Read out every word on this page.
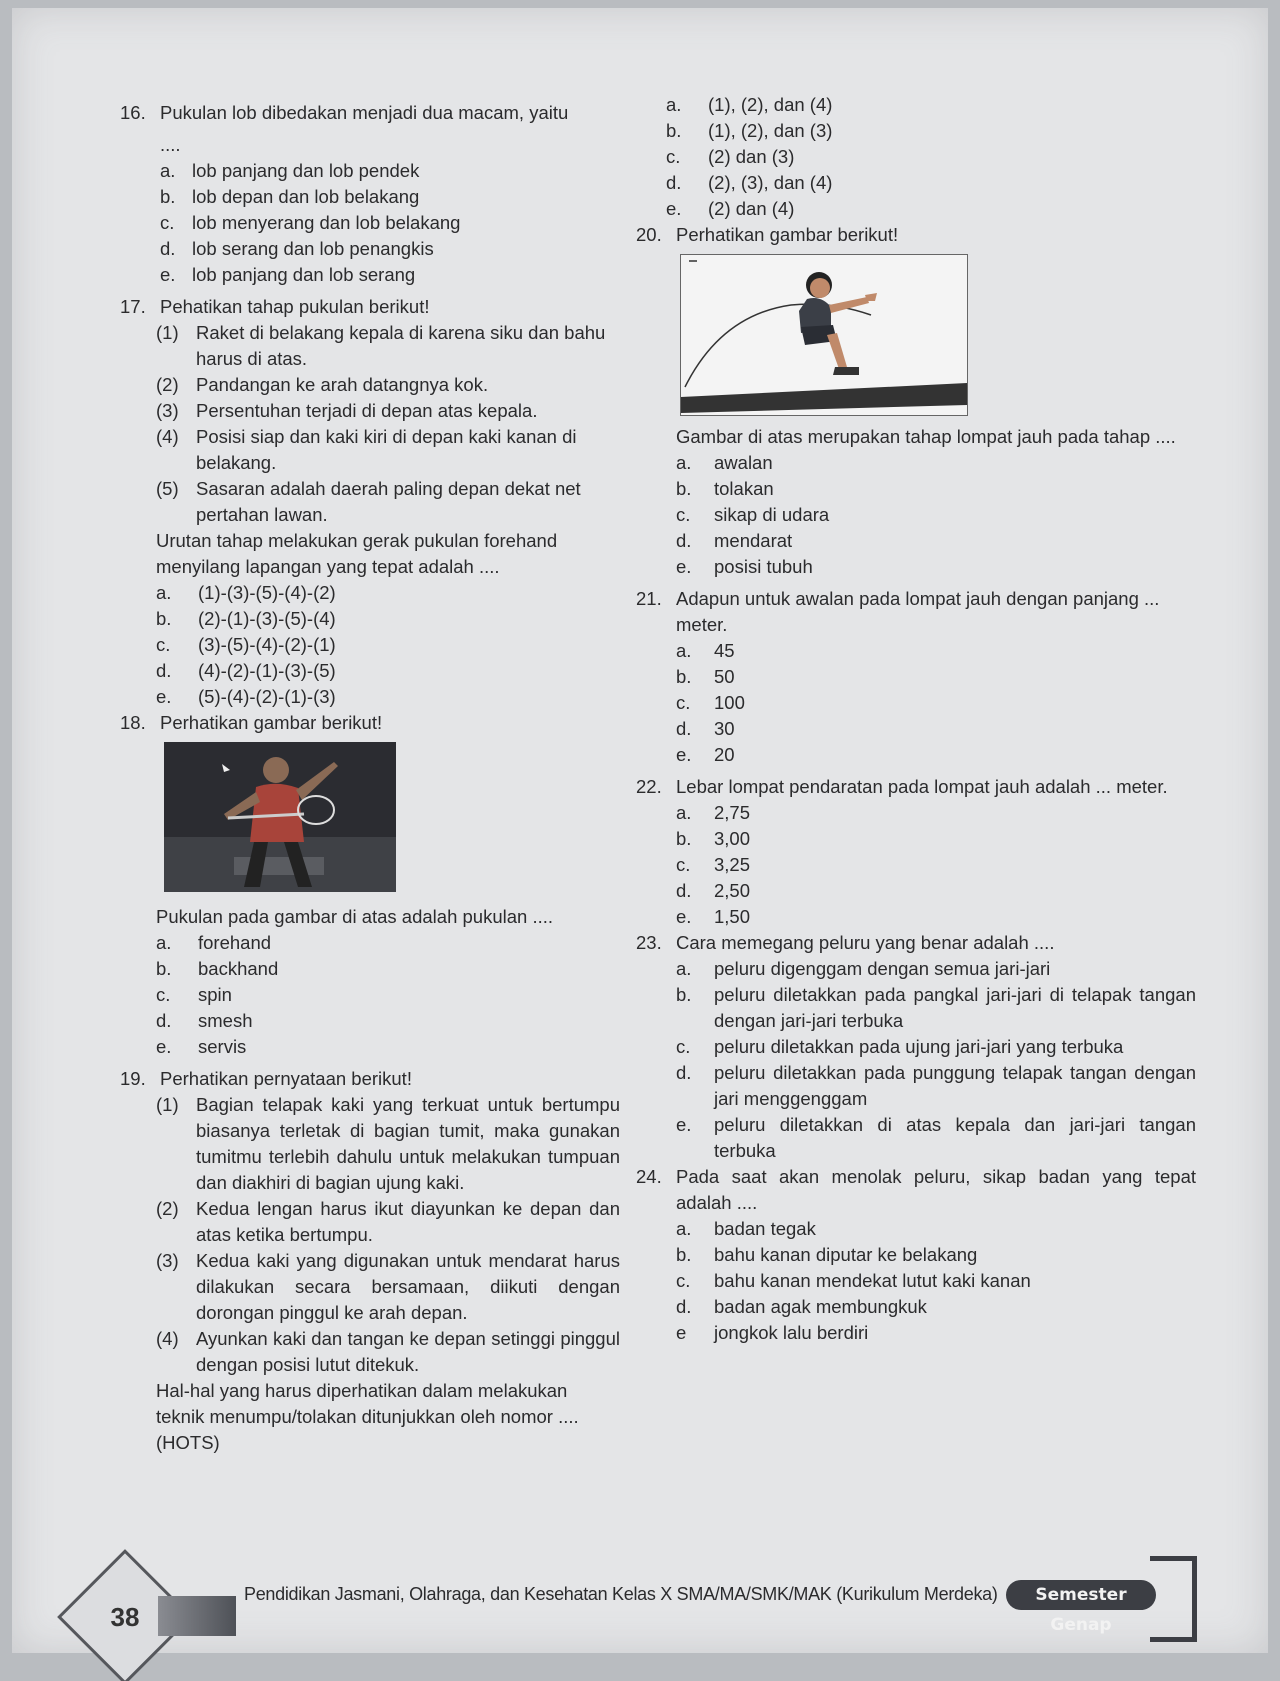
16. Pukulan lob dibedakan menjadi dua macam, yaitu
....
a. lob panjang dan lob pendek
b. lob depan dan lob belakang
c. lob menyerang dan lob belakang
d. lob serang dan lob penangkis
e. lob panjang dan lob serang
17. Pehatikan tahap pukulan berikut!
(1) Raket di belakang kepala di karena siku dan bahu harus di atas.
(2) Pandangan ke arah datangnya kok.
(3) Persentuhan terjadi di depan atas kepala.
(4) Posisi siap dan kaki kiri di depan kaki kanan di belakang.
(5) Sasaran adalah daerah paling depan dekat net pertahan lawan.
Urutan tahap melakukan gerak pukulan forehand menyilang lapangan yang tepat adalah ....
a.	(1)-(3)-(5)-(4)-(2)
b.	(2)-(1)-(3)-(5)-(4)
c.	(3)-(5)-(4)-(2)-(1)
d.	(4)-(2)-(1)-(3)-(5)
e.	(5)-(4)-(2)-(1)-(3)
18. Perhatikan gambar berikut!
Pukulan pada gambar di atas adalah pukulan ....
a.	forehand
b.	backhand
c.	spin
d.	smesh
e.	servis
19. Perhatikan pernyataan berikut!
(1) Bagian telapak kaki yang terkuat untuk bertumpu biasanya terletak di bagian tumit, maka gunakan tumitmu terlebih dahulu untuk melakukan tumpuan dan diakhiri di bagian ujung kaki.
(2) Kedua lengan harus ikut diayunkan ke depan dan atas ketika bertumpu.
(3) Kedua kaki yang digunakan untuk mendarat harus dilakukan secara bersamaan, diikuti dengan dorongan pinggul ke arah depan.
(4) Ayunkan kaki dan tangan ke depan setinggi pinggul dengan posisi lutut ditekuk.
Hal-hal yang harus diperhatikan dalam melakukan teknik menumpu/tolakan ditunjukkan oleh nomor .... (HOTS)
a.	(1), (2), dan (4)
b.	(1), (2), dan (3)
c.	(2) dan (3)
d.	(2), (3), dan (4)
e.	(2) dan (4)
20. Perhatikan gambar berikut!
Gambar di atas merupakan tahap lompat jauh pada tahap ....
a.	awalan
b.	tolakan
c.	sikap di udara
d.	mendarat
e.	posisi tubuh
21. Adapun untuk awalan pada lompat jauh dengan panjang ... meter.
a.	45
b.	50
c.	100
d.	30
e.	20
22. Lebar lompat pendaratan pada lompat jauh adalah ... meter.
a.	2,75
b.	3,00
c.	3,25
d.	2,50
e.	1,50
23. Cara memegang peluru yang benar adalah ....
a.	peluru digenggam dengan semua jari-jari
b.	peluru diletakkan pada pangkal jari-jari di telapak tangan dengan jari-jari terbuka
c.	peluru diletakkan pada ujung jari-jari yang terbuka
d.	peluru diletakkan pada punggung telapak tangan dengan jari menggenggam
e.	peluru diletakkan di atas kepala dan jari-jari tangan terbuka
24. Pada saat akan menolak peluru, sikap badan yang tepat adalah ....
a.	badan tegak
b.	bahu kanan diputar ke belakang
c.	bahu kanan mendekat lutut kaki kanan
d.	badan agak membungkuk
e	jongkok lalu berdiri
38
Pendidikan Jasmani, Olahraga, dan Kesehatan Kelas X SMA/MA/SMK/MAK (Kurikulum Merdeka)	Semester Genap
